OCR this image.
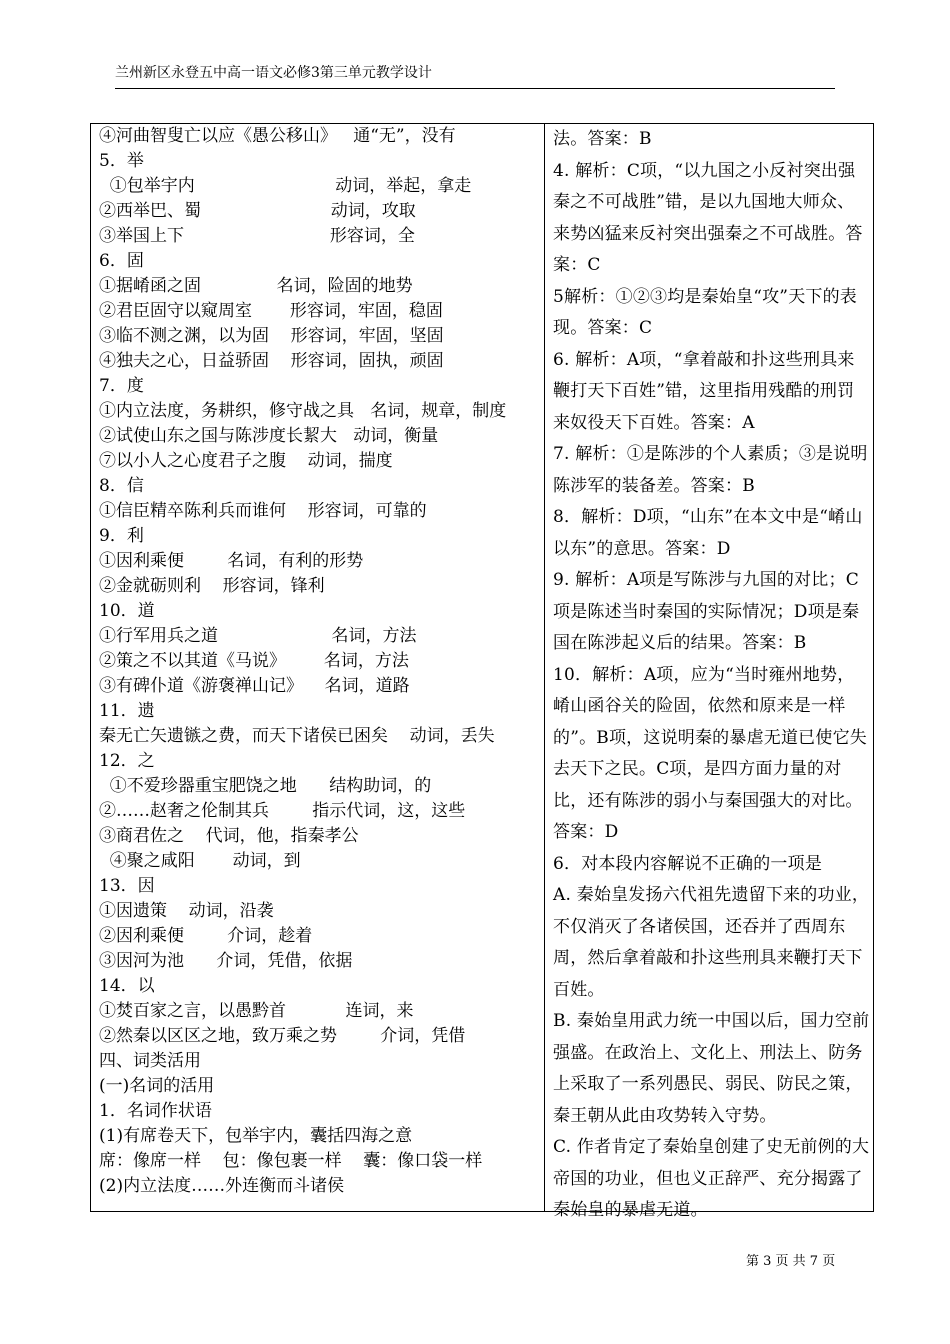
兰州新区永登五中高一语文必修3第三单元教学设计
④河曲智叟亡以应《愚公移山》   通“无”，没有
5．举
①包举宇内                          动词，举起，拿走
②西举巴、蜀                        动词，攻取
③举国上下                           形容词，全
6．固
①据崤函之固              名词，险固的地势
②君臣固守以窥周室       形容词，牢固，稳固
③临不测之渊，以为固    形容词，牢固，坚固
④独夫之心，日益骄固    形容词，固执，顽固
7．度
①内立法度，务耕织，修守战之具   名词，规章，制度
②试使山东之国与陈涉度长絜大   动词，衡量
⑦以小人之心度君子之腹    动词，揣度
8．信
①信臣精卒陈利兵而谁何    形容词，可靠的
9．利
①因利乘便        名词，有利的形势
②金就砺则利    形容词，锋利
10．道
①行军用兵之道                     名词，方法
②策之不以其道《马说》       名词，方法
③有碑仆道《游褒禅山记》    名词，道路
11．遗
秦无亡矢遗镞之费，而天下诸侯已困矣    动词，丢失
12．之
①不爱珍器重宝肥饶之地      结构助词，的
②……赵奢之伦制其兵        指示代词，这，这些
③商君佐之    代词，他，指秦孝公
④聚之咸阳       动词，到
13．因
①因遗策    动词，沿袭
②因利乘便        介词，趁着
③因河为池      介词，凭借，依据
14．以
①焚百家之言，以愚黔首           连词，来
②然秦以区区之地，致万乘之势        介词，凭借
四、词类活用
(一)名词的活用
1．名词作状语
(1)有席卷天下，包举宇内，囊括四海之意
席：像席一样    包：像包裹一样    囊：像口袋一样
(2)内立法度……外连衡而斗诸侯

法。答案：B

4. 解析：C项，“以九国之小反衬突出强秦之不可战胜”错，是以九国地大师众、来势凶猛来反衬突出强秦之不可战胜。答案：C

5解析：①②③均是秦始皇“攻”天下的表现。答案：C

6. 解析：A项，“拿着敲和扑这些刑具来鞭打天下百姓”错，这里指用残酷的刑罚来奴役天下百姓。答案：A

7. 解析：①是陈涉的个人素质；③是说明陈涉军的装备差。答案：B

8．解析：D项，“山东”在本文中是“崤山以东”的意思。答案：D

9. 解析：A项是写陈涉与九国的对比；C项是陈述当时秦国的实际情况；D项是秦国在陈涉起义后的结果。答案：B

10．解析：A项，应为“当时雍州地势，崤山函谷关的险固，依然和原来是一样的”。B项，这说明秦的暴虐无道已使它失去天下之民。C项，是四方面力量的对比，还有陈涉的弱小与秦国强大的对比。答案：D

6．对本段内容解说不正确的一项是

A. 秦始皇发扬六代祖先遗留下来的功业，不仅消灭了各诸侯国，还吞并了西周东周，然后拿着敲和扑这些刑具来鞭打天下百姓。

B. 秦始皇用武力统一中国以后，国力空前强盛。在政治上、文化上、刑法上、防务上采取了一系列愚民、弱民、防民之策，秦王朝从此由攻势转入守势。

C. 作者肯定了秦始皇创建了史无前例的大帝国的功业，但也义正辞严、充分揭露了秦始皇的暴虐无道。

第 3 页 共 7 页
